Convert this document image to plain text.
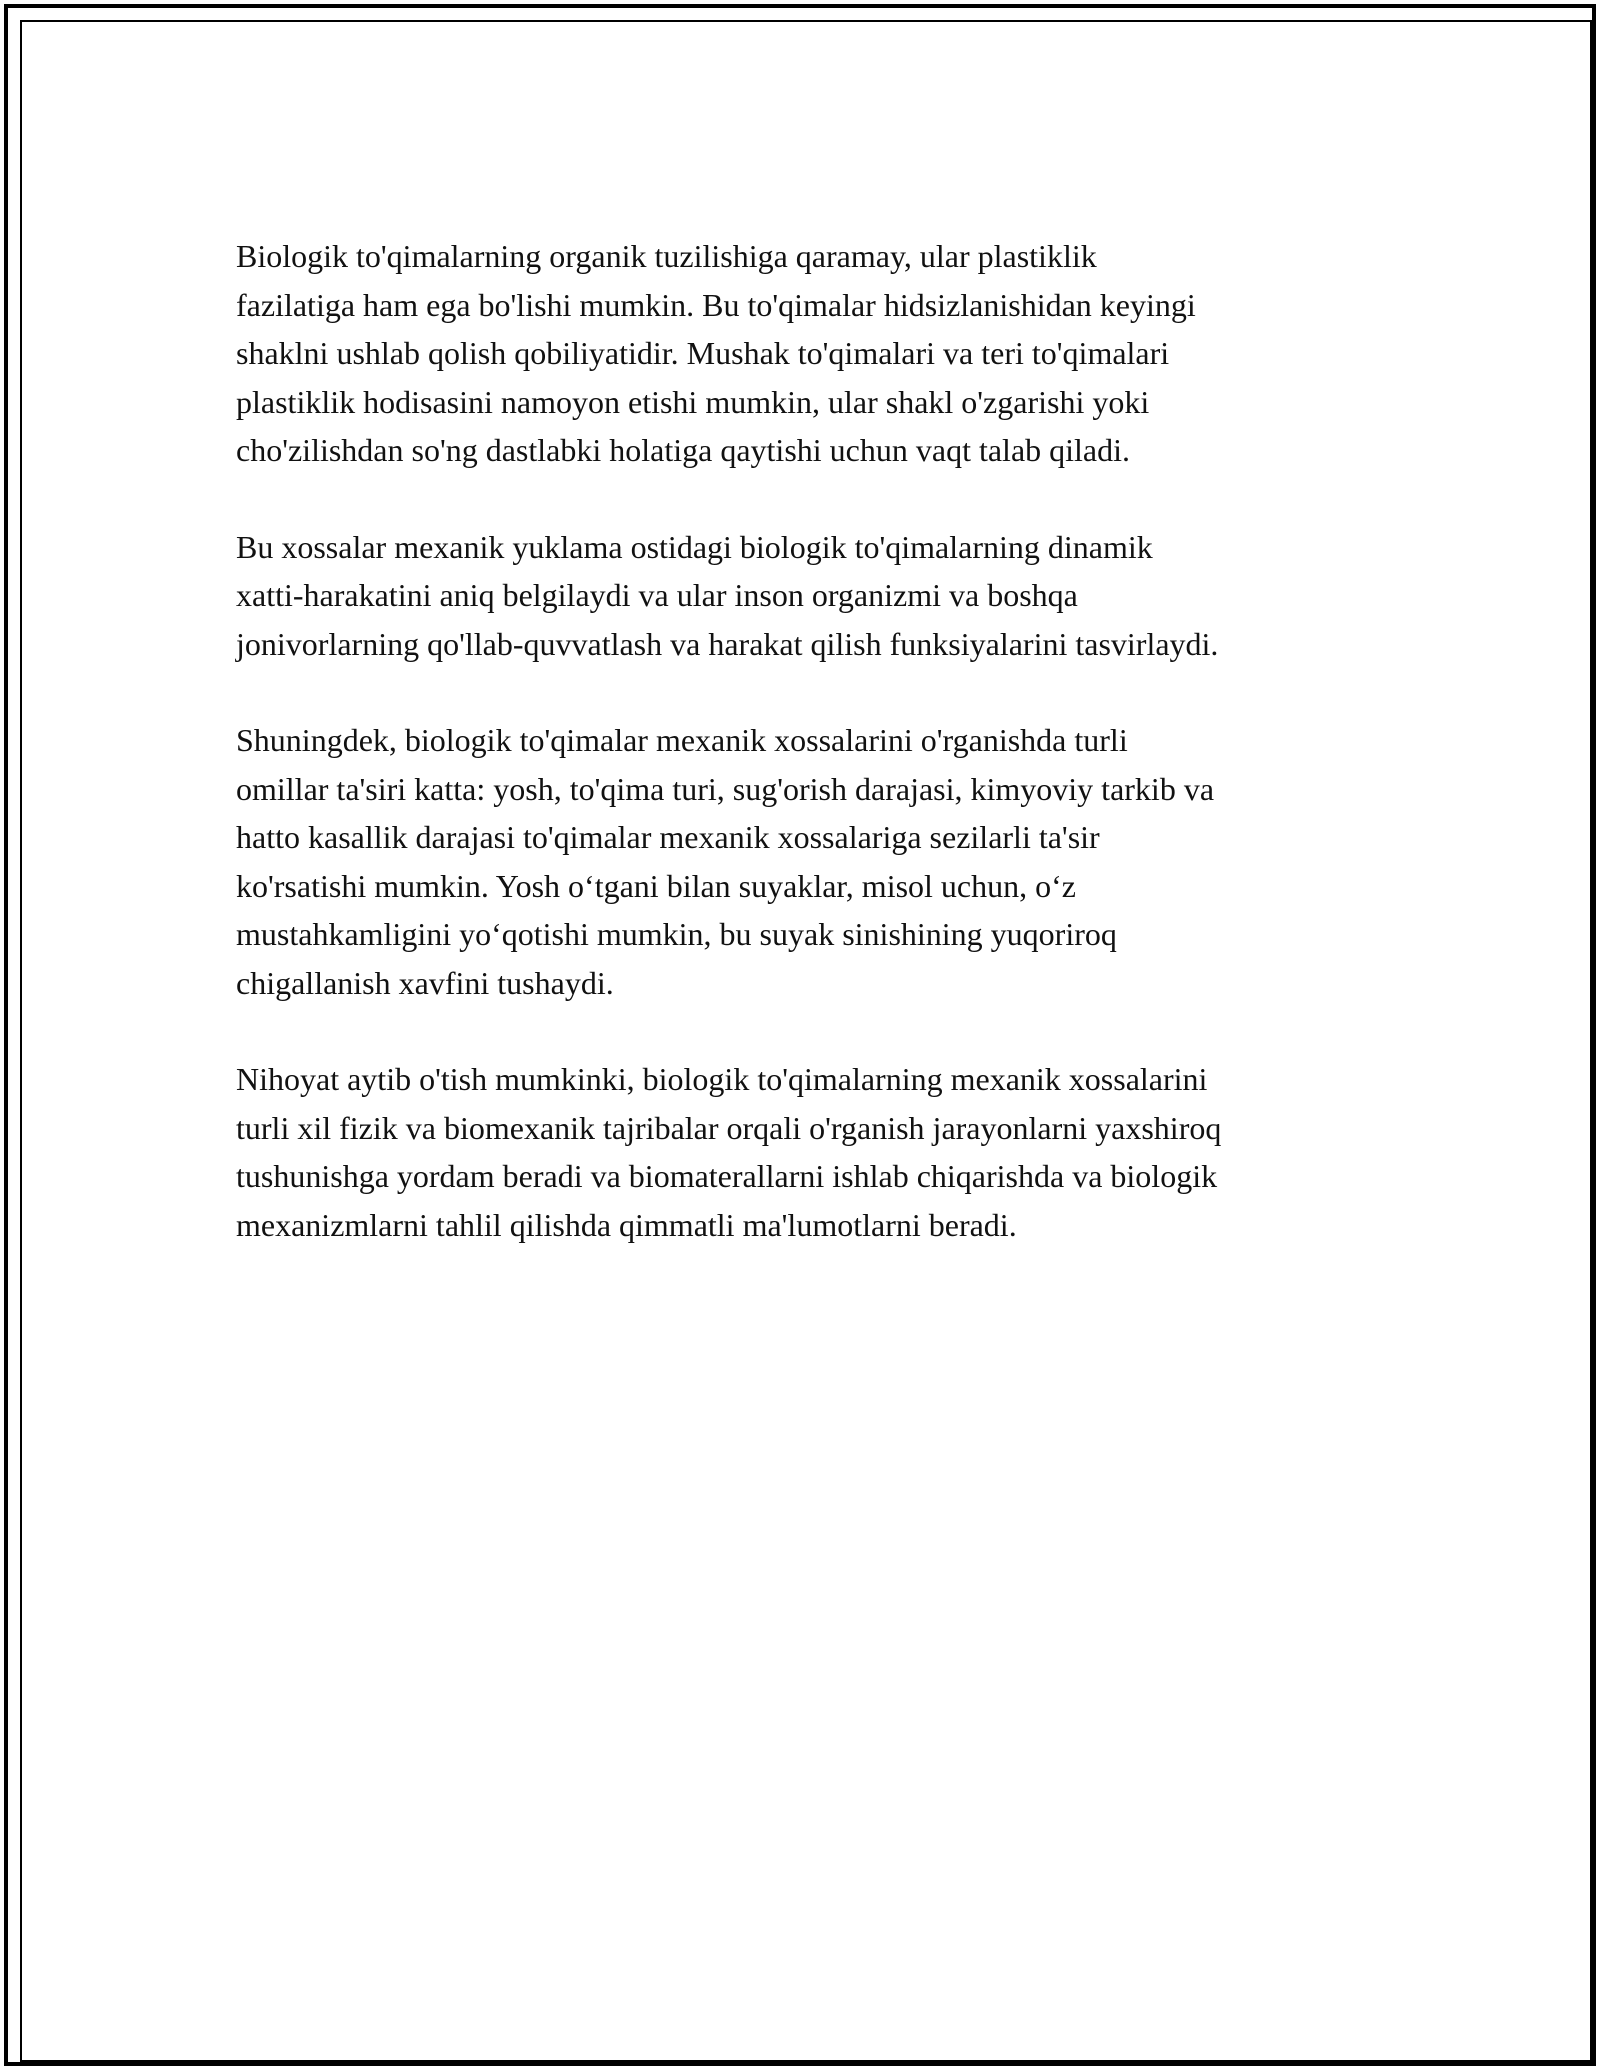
Biologik to'qimalarning organik tuzilishiga qaramay, ular plastiklik
fazilatiga ham ega bo'lishi mumkin. Bu to'qimalar hidsizlanishidan keyingi
shaklni ushlab qolish qobiliyatidir. Mushak to'qimalari va teri to'qimalari
plastiklik hodisasini namoyon etishi mumkin, ular shakl o'zgarishi yoki
cho'zilishdan so'ng dastlabki holatiga qaytishi uchun vaqt talab qiladi.

Bu xossalar mexanik yuklama ostidagi biologik to'qimalarning dinamik
xatti-harakatini aniq belgilaydi va ular inson organizmi va boshqa
jonivorlarning qo'llab-quvvatlash va harakat qilish funksiyalarini tasvirlaydi.

Shuningdek, biologik to'qimalar mexanik xossalarini o'rganishda turli
omillar ta'siri katta: yosh, to'qima turi, sug'orish darajasi, kimyoviy tarkib va
hatto kasallik darajasi to'qimalar mexanik xossalariga sezilarli ta'sir
ko'rsatishi mumkin. Yosh o‘tgani bilan suyaklar, misol uchun, o‘z
mustahkamligini yo‘qotishi mumkin, bu suyak sinishining yuqoriroq
chigallanish xavfini tushaydi.

Nihoyat aytib o'tish mumkinki, biologik to'qimalarning mexanik xossalarini
turli xil fizik va biomexanik tajribalar orqali o'rganish jarayonlarni yaxshiroq
tushunishga yordam beradi va biomaterallarni ishlab chiqarishda va biologik
mexanizmlarni tahlil qilishda qimmatli ma'lumotlarni beradi.
